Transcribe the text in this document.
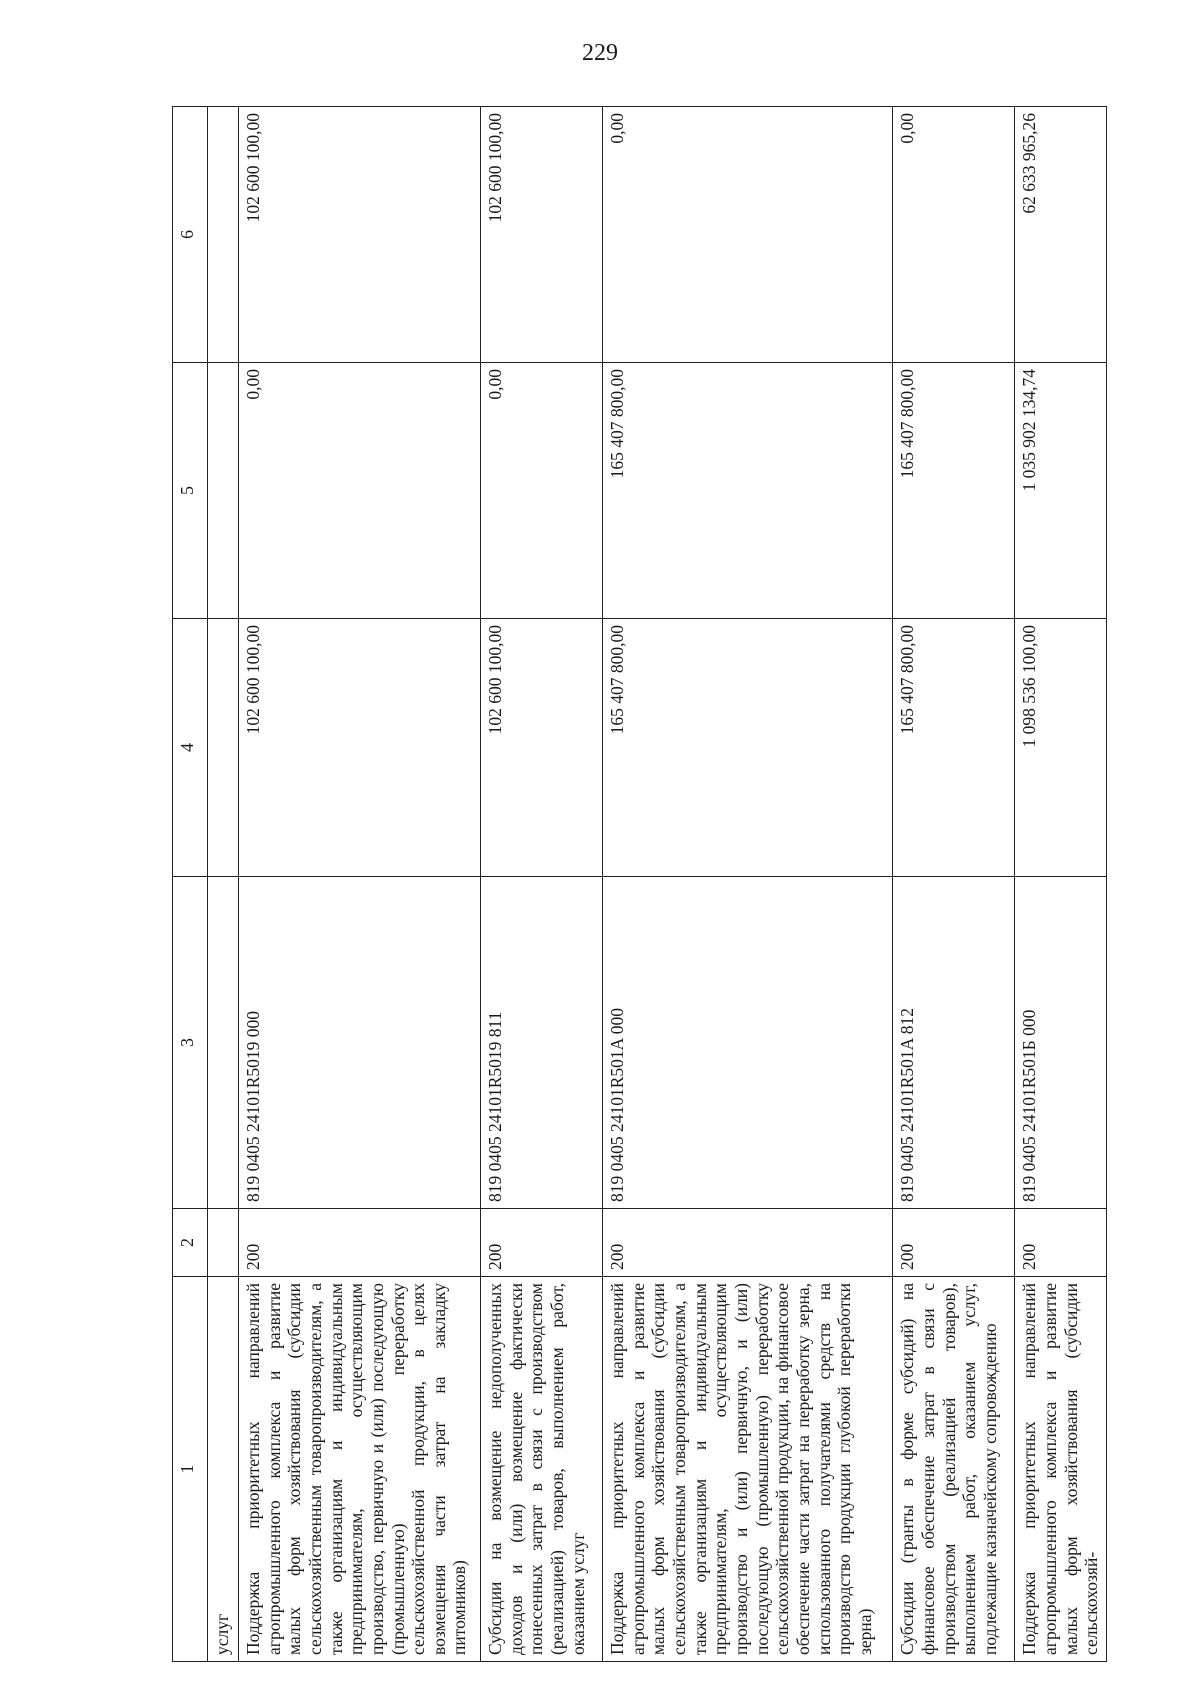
229
1	2	3	4	5	6
услуг					
Поддержка приоритетных направлений агропромышленного комплекса и развитие малых форм хозяйствования (субсидии сельскохозяйственным товаропроизводителям, а также организациям и индивидуальным предпринимателям, осуществляющим производство, первичную и (или) последующую (промышленную) переработку сельскохозяйственной продукции, в целях возмещения части затрат на закладку питомников)	200	819 0405 24101R5019 000	102 600 100,00	0,00	102 600 100,00
Субсидии на возмещение недополученных доходов и (или) возмещение фактически понесенных затрат в связи с производством (реализацией) товаров, выполнением работ, оказанием услуг	200	819 0405 24101R5019 811	102 600 100,00	0,00	102 600 100,00
Поддержка приоритетных направлений агропромышленного комплекса и развитие малых форм хозяйствования (субсидии сельскохозяйственным товаропроизводителям, а также организациям и индивидуальным предпринимателям, осуществляющим производство и (или) первичную, и (или) последующую (промышленную) переработку сельскохозяйственной продукции, на финансовое обеспечение части затрат на переработку зерна, использованного получателями средств на производство продукции глубокой переработки зерна)	200	819 0405 24101R501A 000	165 407 800,00	165 407 800,00	0,00
Субсидии (гранты в форме субсидий) на финансовое обеспечение затрат в связи с производством (реализацией товаров), выполнением работ, оказанием услуг, подлежащие казначейскому сопровождению	200	819 0405 24101R501A 812	165 407 800,00	165 407 800,00	0,00
Поддержка приоритетных направлений агропромышленного комплекса и развитие малых форм хозяйствования (субсидии сельскохозяй-	200	819 0405 24101R501Б 000	1 098 536 100,00	1 035 902 134,74	62 633 965,26
